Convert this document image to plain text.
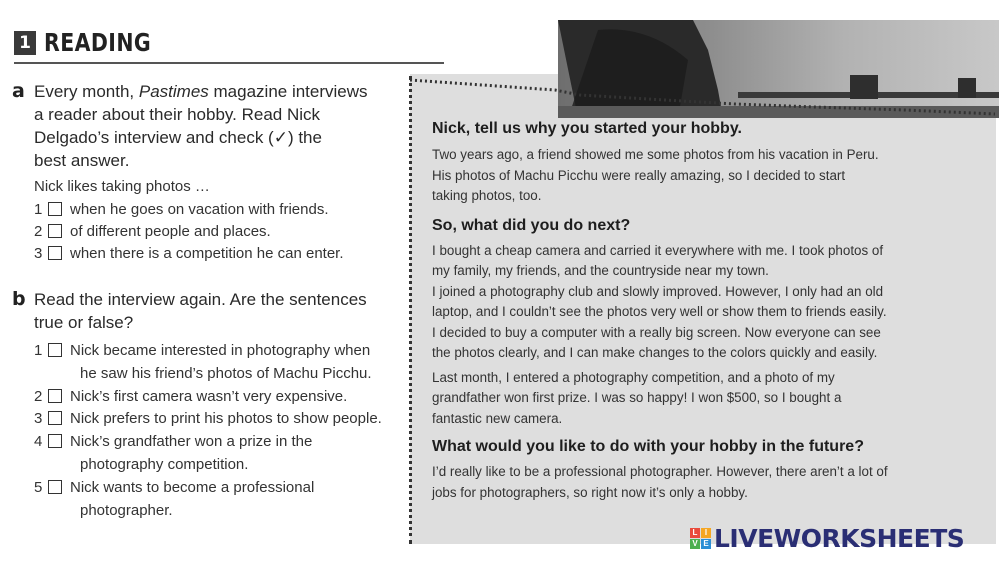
1 READING
a Every month, Pastimes magazine interviews
a reader about their hobby. Read Nick
Delgado’s interview and check (✓) the
best answer.
Nick likes taking photos …
1 when he goes on vacation with friends.
2 of different people and places.
3 when there is a competition he can enter.
b Read the interview again. Are the sentences
true or false?
1 Nick became interested in photography when
he saw his friend’s photos of Machu Picchu.
2 Nick’s first camera wasn’t very expensive.
3 Nick prefers to print his photos to show people.
4 Nick’s grandfather won a prize in the
photography competition.
5 Nick wants to become a professional
photographer.
Nick, tell us why you started your hobby.
Two years ago, a friend showed me some photos from his vacation in Peru.
His photos of Machu Picchu were really amazing, so I decided to start
taking photos, too.
So, what did you do next?
I bought a cheap camera and carried it everywhere with me. I took photos of
my family, my friends, and the countryside near my town.
I joined a photography club and slowly improved. However, I only had an old
laptop, and I couldn’t see the photos very well or show them to friends easily.
I decided to buy a computer with a really big screen. Now everyone can see
the photos clearly, and I can make changes to the colors quickly and easily.
Last month, I entered a photography competition, and a photo of my
grandfather won first prize. I was so happy! I won $500, so I bought a
fantastic new camera.
What would you like to do with your hobby in the future?
I’d really like to be a professional photographer. However, there aren’t a lot of
jobs for photographers, so right now it’s only a hobby.
L I
V E LIVEWORKSHEETS
